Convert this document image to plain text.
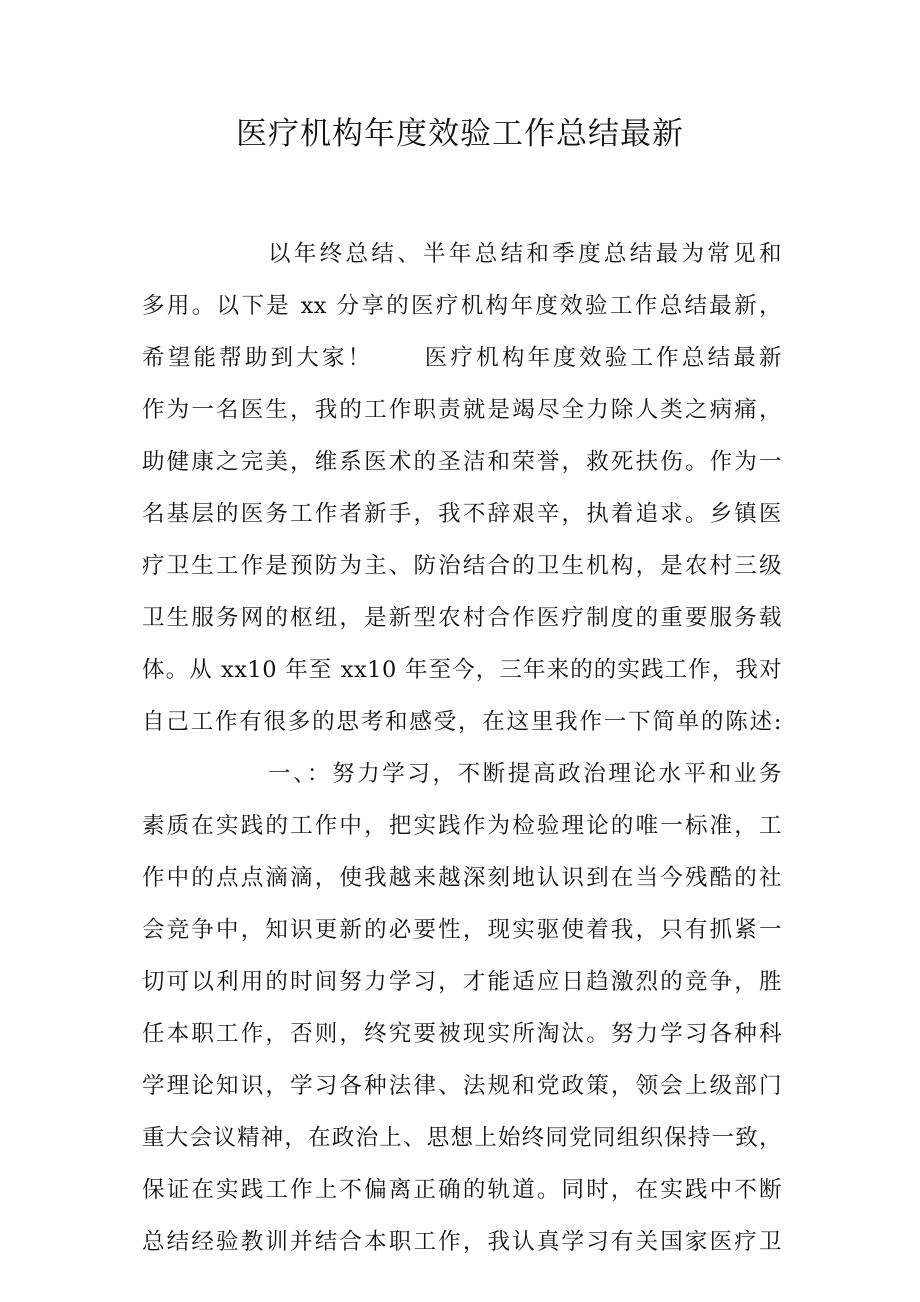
医疗机构年度效验工作总结最新
以年终总结、半年总结和季度总结最为常见和
多用。以下是 xx 分享的医疗机构年度效验工作总结最新，
希望能帮助到大家！　　医疗机构年度效验工作总结最新
作为一名医生，我的工作职责就是竭尽全力除人类之病痛，
助健康之完美，维系医术的圣洁和荣誉，救死扶伤。作为一
名基层的医务工作者新手，我不辞艰辛，执着追求。乡镇医
疗卫生工作是预防为主、防治结合的卫生机构，是农村三级
卫生服务网的枢纽，是新型农村合作医疗制度的重要服务载
体。从 xx10 年至 xx10 年至今，三年来的的实践工作，我对
自己工作有很多的思考和感受，在这里我作一下简单的陈述:
一、：努力学习，不断提高政治理论水平和业务
素质在实践的工作中，把实践作为检验理论的唯一标准，工
作中的点点滴滴，使我越来越深刻地认识到在当今残酷的社
会竞争中，知识更新的必要性，现实驱使着我，只有抓紧一
切可以利用的时间努力学习，才能适应日趋激烈的竞争，胜
任本职工作，否则，终究要被现实所淘汰。努力学习各种科
学理论知识，学习各种法律、法规和党政策，领会上级部门
重大会议精神，在政治上、思想上始终同党同组织保持一致，
保证在实践工作上不偏离正确的轨道。同时，在实践中不断
总结经验教训并结合本职工作，我认真学习有关国家医疗卫
